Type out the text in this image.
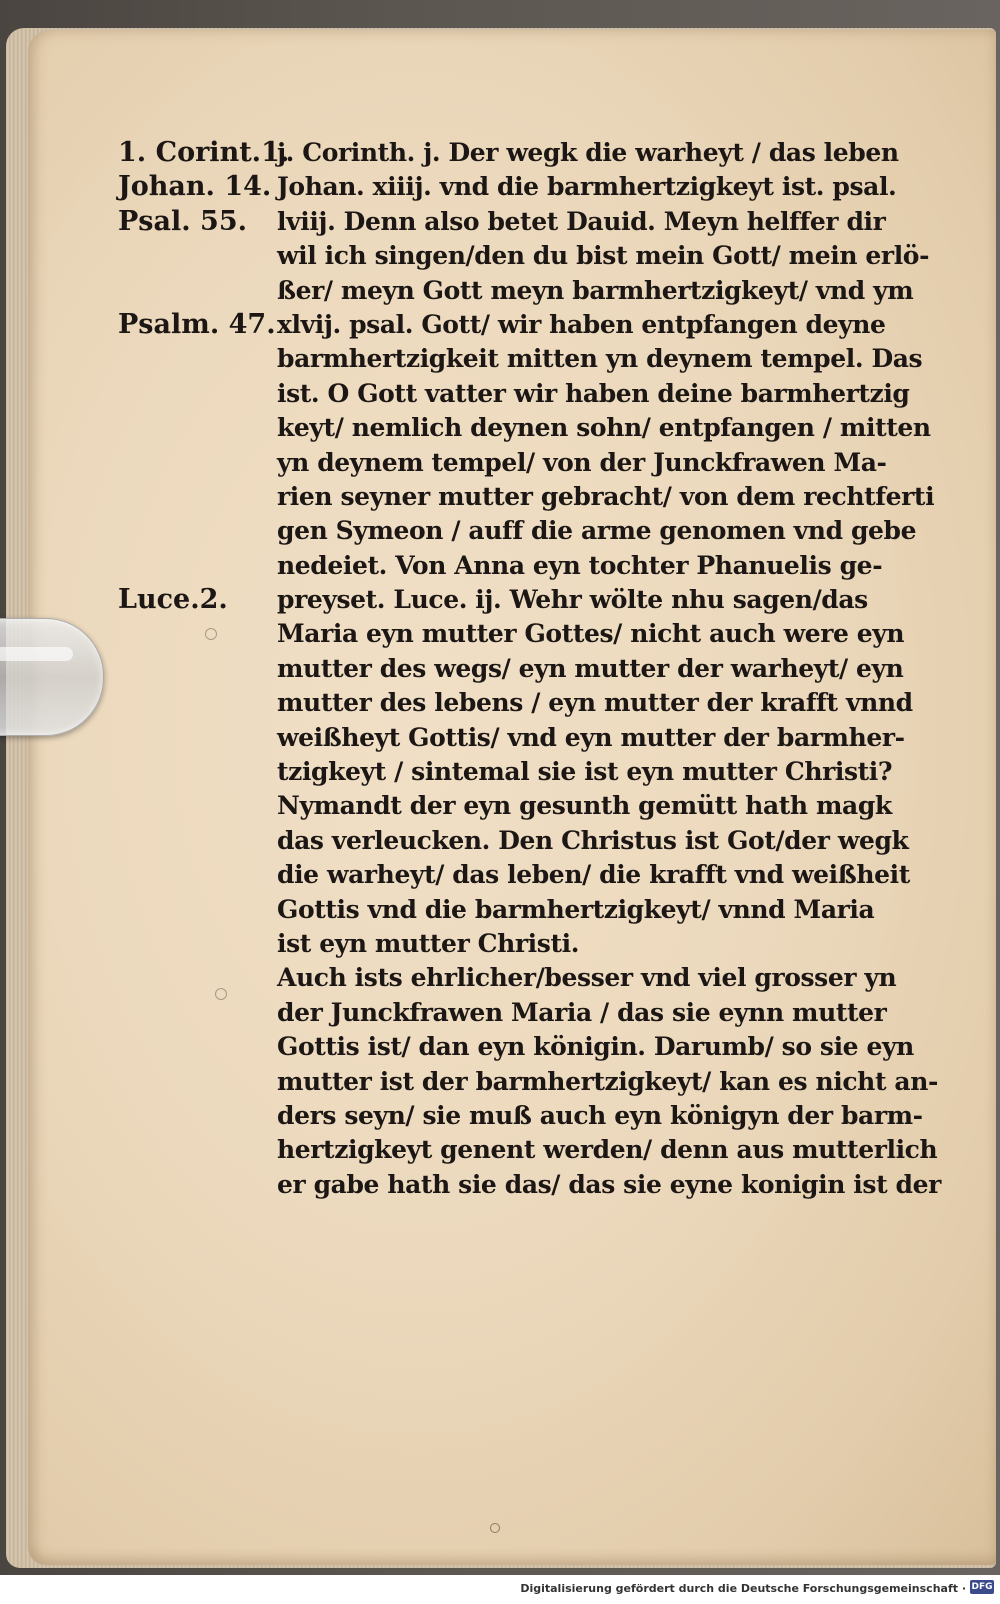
1. Corint.1.
Johan. 14.
Psal. 55.
Psalm. 47.
Luce.2.
j. Corinth. j. Der wegk die warheyt / das leben
Johan. xiiij. vnd die barmhertzigkeyt ist. psal.
lviij. Denn also betet Dauid. Meyn helffer dir
wil ich singen/den du bist mein Gott/ mein erlö-
ßer/ meyn Gott meyn barmhertzigkeyt/ vnd ym
xlvij. psal. Gott/ wir haben entpfangen deyne
barmhertzigkeit mitten yn deynem tempel. Das
ist. O Gott vatter wir haben deine barmhertzig
keyt/ nemlich deynen sohn/ entpfangen / mitten
yn deynem tempel/ von der Junckfrawen Ma-
rien seyner mutter gebracht/ von dem rechtferti
gen Symeon / auff die arme genomen vnd gebe
nedeiet. Von Anna eyn tochter Phanuelis ge-
preyset. Luce. ij. Wehr wölte nhu sagen/das
Maria eyn mutter Gottes/ nicht auch were eyn
mutter des wegs/ eyn mutter der warheyt/ eyn
mutter des lebens / eyn mutter der krafft vnnd
weißheyt Gottis/ vnd eyn mutter der barmher-
tzigkeyt / sintemal sie ist eyn mutter Christi?
Nymandt der eyn gesunth gemütt hath magk
das verleucken. Den Christus ist Got/der wegk
die warheyt/ das leben/ die krafft vnd weißheit
Gottis vnd die barmhertzigkeyt/ vnnd Maria
ist eyn mutter Christi.
Auch ists ehrlicher/besser vnd viel grosser yn
der Junckfrawen Maria / das sie eynn mutter
Gottis ist/ dan eyn königin. Darumb/ so sie eyn
mutter ist der barmhertzigkeyt/ kan es nicht an-
ders seyn/ sie muß auch eyn königyn der barm-
hertzigkeyt genent werden/ denn aus mutterlich
er gabe hath sie das/ das sie eyne konigin ist der
Digitalisierung gefördert durch die Deutsche Forschungsgemeinschaft · DFG
